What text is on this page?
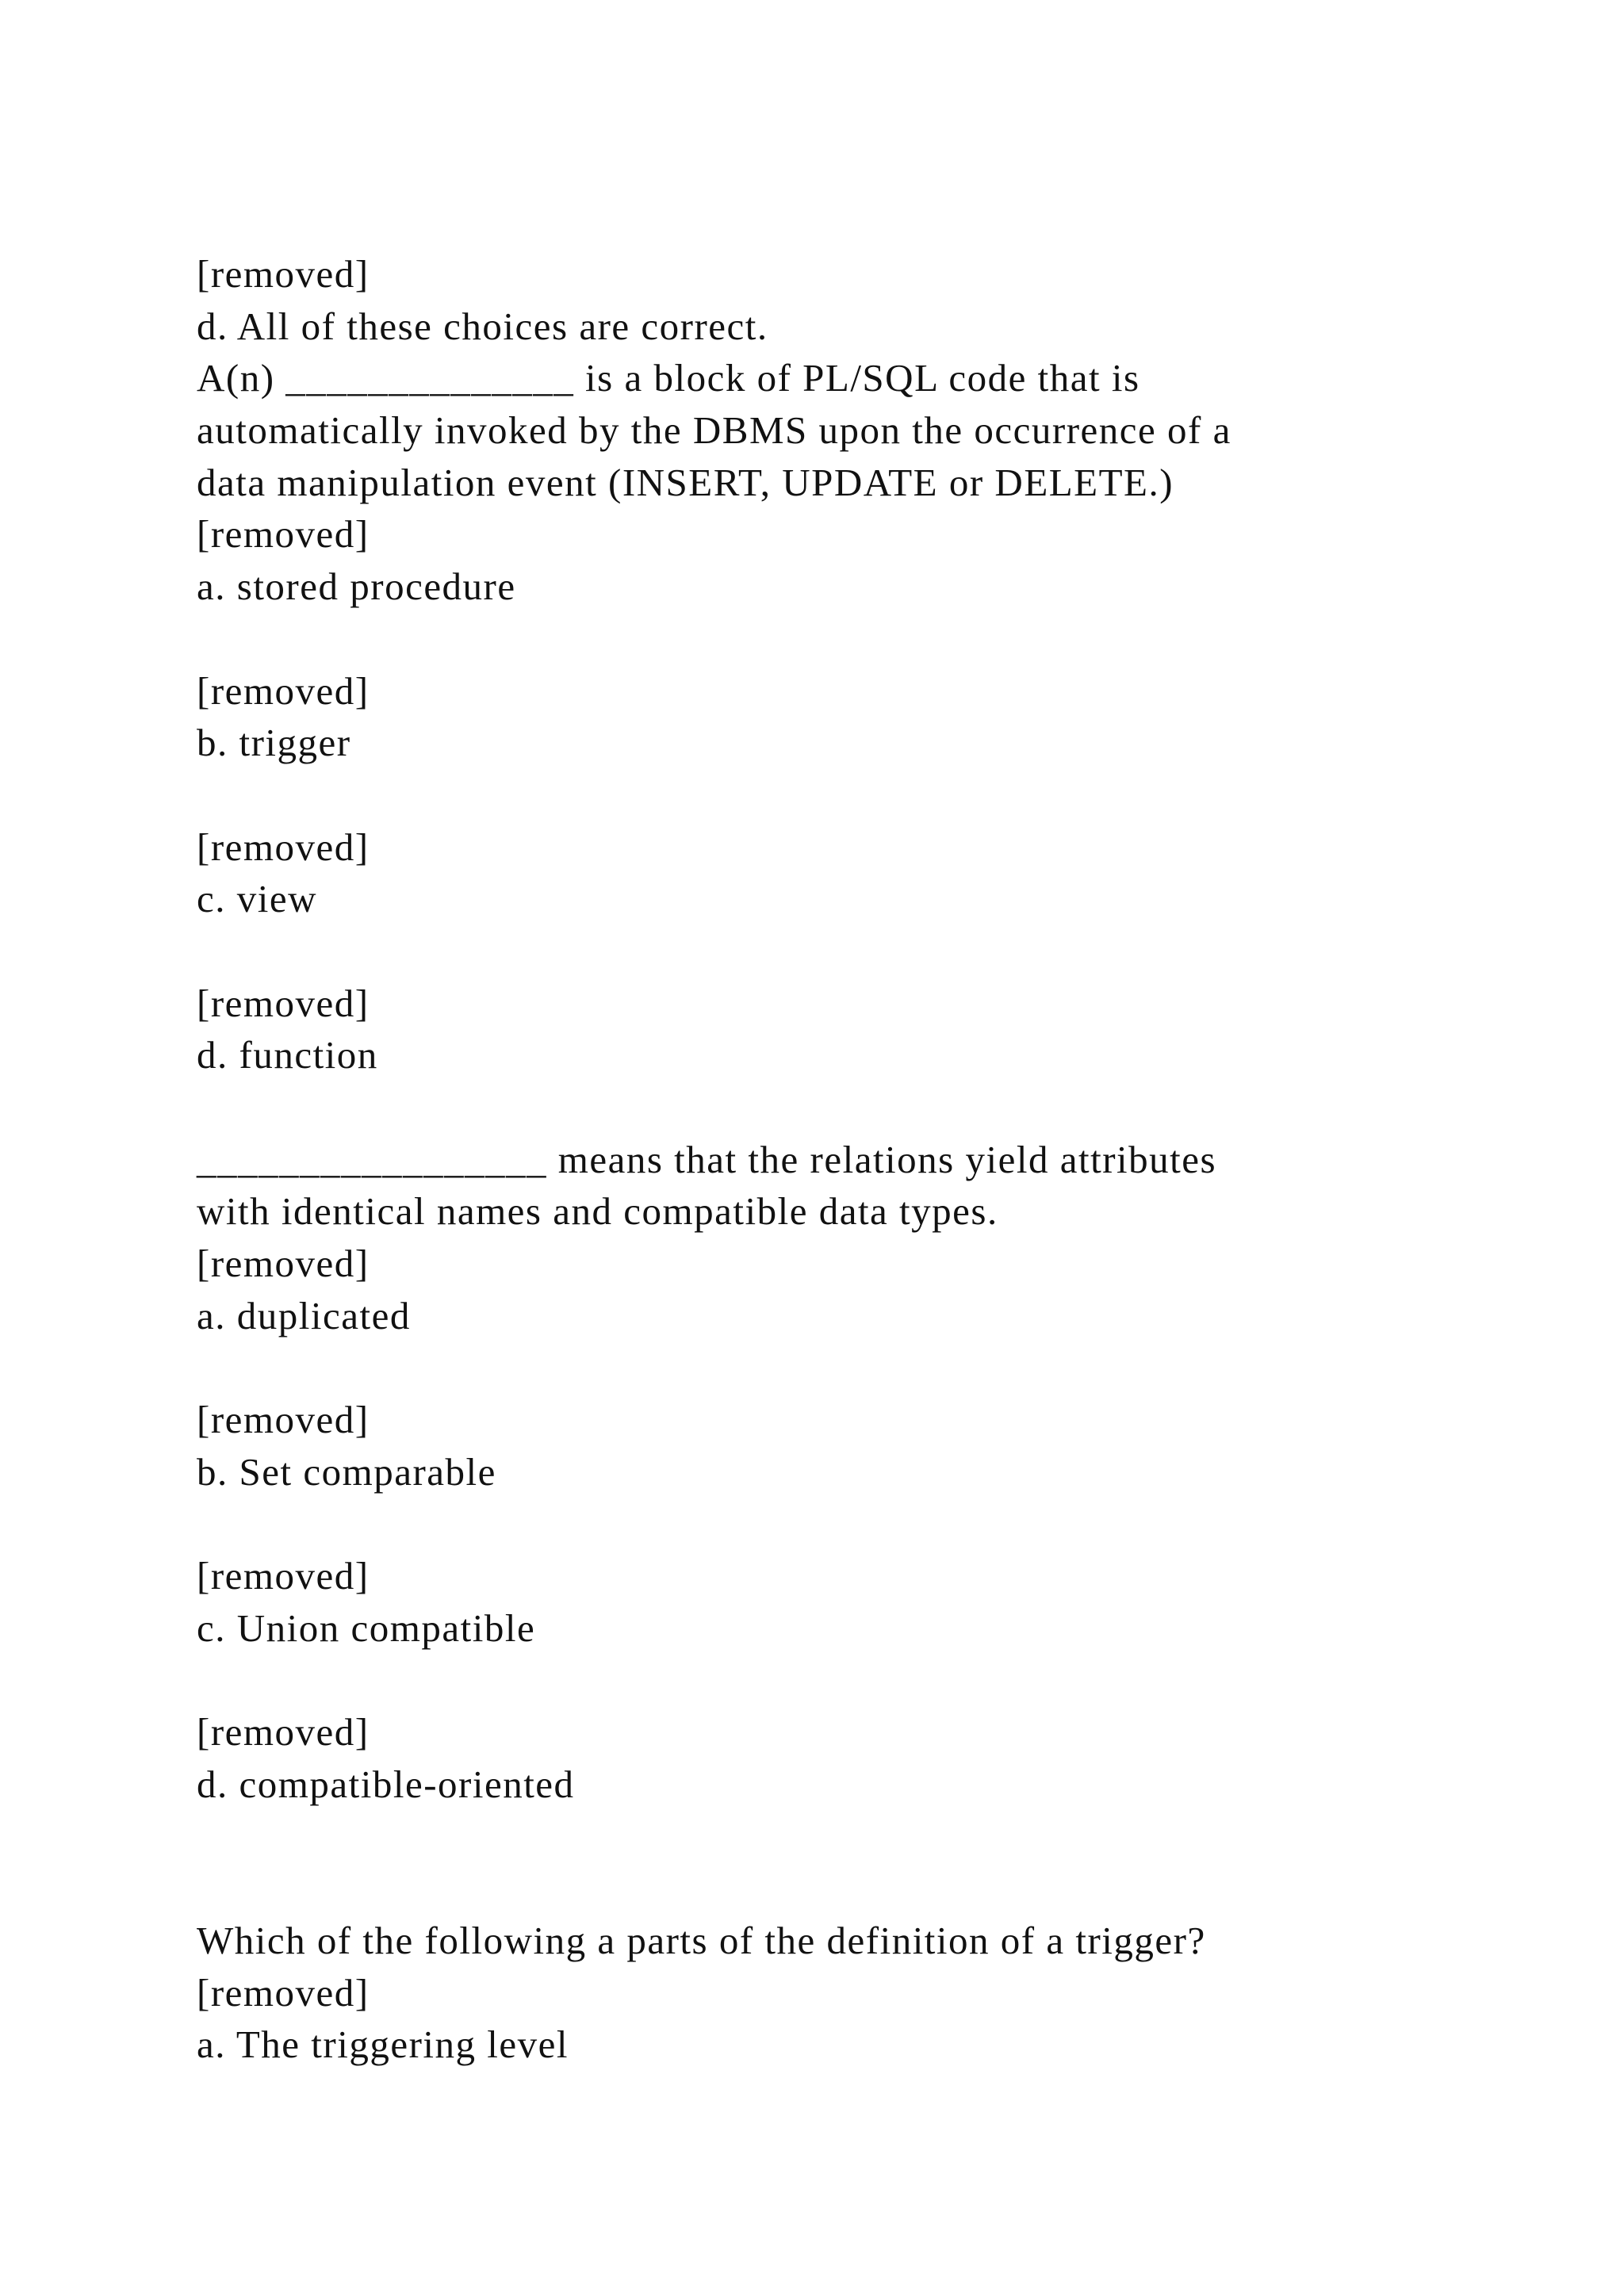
[removed]
d. All of these choices are correct.
A(n) ______________ is a block of PL/SQL code that is
automatically invoked by the DBMS upon the occurrence of a
data manipulation event (INSERT, UPDATE or DELETE.)
[removed]
a. stored procedure
[removed]
b. trigger
[removed]
c. view
[removed]
d. function
_________________ means that the relations yield attributes
with identical names and compatible data types.
[removed]
a. duplicated
[removed]
b. Set comparable
[removed]
c. Union compatible
[removed]
d. compatible-oriented
Which of the following a parts of the definition of a trigger?
[removed]
a. The triggering level
